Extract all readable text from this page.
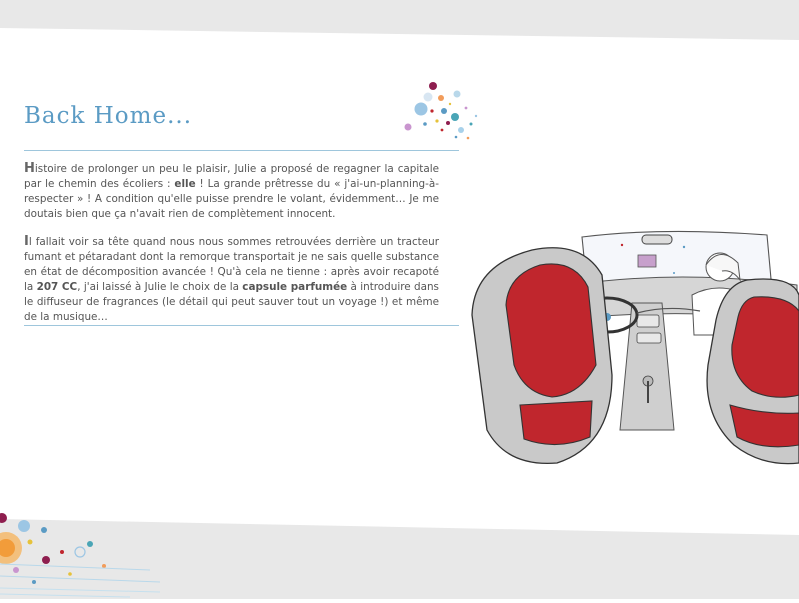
Back Home...

Histoire de prolonger un peu le plaisir, Julie a proposé de regagner la capitale par le chemin des écoliers : elle ! La grande prêtresse du « j'ai-un-planning-à-respecter » ! A condition qu'elle puisse prendre le volant, évidemment… Je me doutais bien que ça n'avait rien de complètement innocent.

Il fallait voir sa tête quand nous nous sommes retrouvées derrière un tracteur fumant et pétaradant dont la remorque transportait je ne sais quelle substance en état de décomposition avancée ! Qu'à cela ne tienne : après avoir recapoté la 207 CC, j'ai laissé à Julie le choix de la capsule parfumée à introduire dans le diffuseur de fragrances (le détail qui peut sauver tout un voyage !) et même de la musique…
